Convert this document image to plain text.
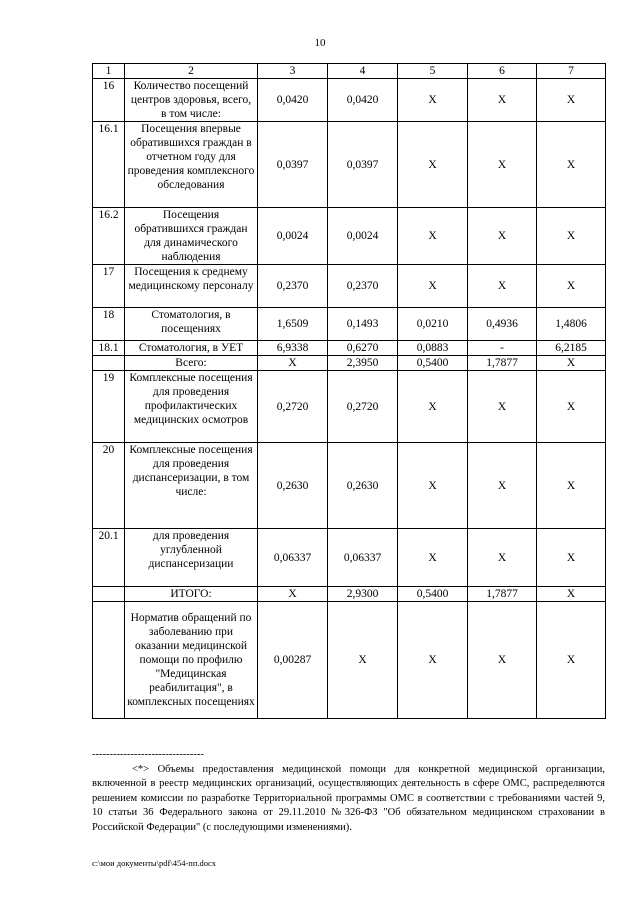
10
1	2	3	4	5	6	7
16	Количество посещений центров здоровья, всего, в том числе:	0,0420	0,0420	Х	Х	Х
16.1	Посещения впервые обратившихся граждан в отчетном году для проведения комплексного обследования	0,0397	0,0397	Х	Х	Х
16.2	Посещения обратившихся граждан для динамического наблюдения	0,0024	0,0024	Х	Х	Х
17	Посещения к среднему медицинскому персоналу	0,2370	0,2370	Х	Х	Х
18	Стоматология, в посещениях	1,6509	0,1493	0,0210	0,4936	1,4806
18.1	Стоматология, в УЕТ	6,9338	0,6270	0,0883	-	6,2185
	Всего:	Х	2,3950	0,5400	1,7877	Х
19	Комплексные посещения для проведения профилактических медицинских осмотров	0,2720	0,2720	Х	Х	Х
20	Комплексные посещения для проведения диспансеризации, в том числе:	0,2630	0,2630	Х	Х	Х
20.1	для проведения углубленной диспансеризации	0,06337	0,06337	Х	Х	Х
	ИТОГО:	Х	2,9300	0,5400	1,7877	Х
	Норматив обращений по заболеванию при оказании медицинской помощи по профилю "Медицинская реабилитация", в комплексных посещениях	0,00287	Х	Х	Х	Х
--------------------------------
<*> Объемы предоставления медицинской помощи для конкретной медицинской организации, включенной в реестр медицинских организаций, осуществляющих деятельность в сфере ОМС, распределяются решением комиссии по разработке Территориальной программы ОМС в соответствии с требованиями частей 9, 10 статьи 36 Федерального закона от 29.11.2010 №326-ФЗ "Об обязательном медицинском страховании в Российской Федерации" (с последующими изменениями).
c:\мои документы\pdf\454-пп.docx
